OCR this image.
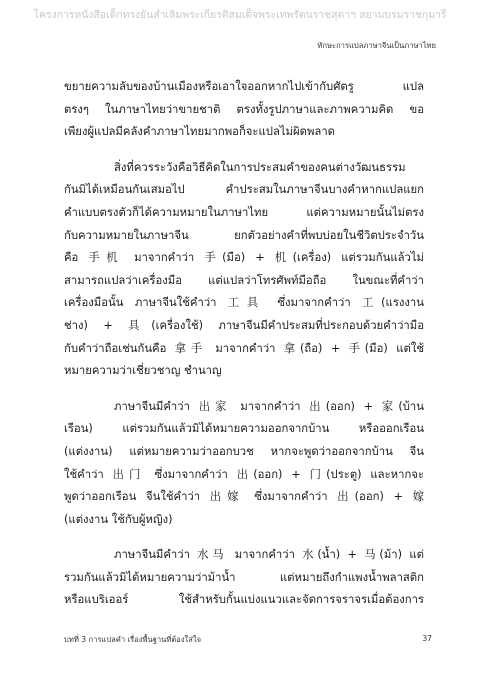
โครงการหนังสือเด็กทรงยันสำเลิมพระเกียรติสมเด็จพระเทพรัตนราชสุดาฯ สยามบรมราชกุมารี
ทักษะการแปลภาษาจีนเป็นภาษาไทย
ขยายความลับของบ้านเมืองหรือเอาใจออกหากไปเข้ากับศัตรู แปล
ตรงๆ ในภาษาไทยว่าขายชาติ ตรงทั้งรูปภาษาและภาพความคิด ขอ
เพียงผู้แปลมีคลังคำภาษาไทยมากพอก็จะแปลไม่ผิดพลาด
สิ่งที่ควรระวังคือวิธีคิดในการประสมคำของคนต่างวัฒนธรรม
กันมิได้เหมือนกันเสมอไป คำประสมในภาษาจีนบางคำหากแปลแยก
คำแบบตรงตัวก็ได้ความหมายในภาษาไทย แต่ความหมายนั้นไม่ตรง
กับความหมายในภาษาจีน ยกตัวอย่างคำที่พบบ่อยในชีวิตประจำวัน
คือ 手机 มาจากคำว่า 手(มือ) + 机(เครื่อง) แต่รวมกันแล้วไม่
สามารถแปลว่าเครื่องมือ แต่แปลว่าโทรศัพท์มือถือ ในขณะที่คำว่า
เครื่องมือนั้น ภาษาจีนใช้คำว่า 工具 ซึ่งมาจากคำว่า 工(แรงงาน
ช่าง) + 具(เครื่องใช้) ภาษาจีนมีคำประสมที่ประกอบด้วยคำว่ามือ
กับคำว่าถือเช่นกันคือ 拿手 มาจากคำว่า 拿(ถือ) + 手(มือ) แต่ใช้
หมายความว่าเชี่ยวชาญ ชำนาญ
ภาษาจีนมีคำว่า 出家 มาจากคำว่า 出(ออก) + 家(บ้าน
เรือน) แต่รวมกันแล้วมิได้หมายความออกจากบ้าน หรือออกเรือน
(แต่งงาน) แต่หมายความว่าออกบวช หากจะพูดว่าออกจากบ้าน จีน
ใช้คำว่า 出门 ซึ่งมาจากคำว่า 出(ออก) + 门(ประตู) และหากจะ
พูดว่าออกเรือน จีนใช้คำว่า 出嫁 ซึ่งมาจากคำว่า 出(ออก) + 嫁
(แต่งงาน ใช้กับผู้หญิง)
ภาษาจีนมีคำว่า 水马 มาจากคำว่า 水(น้ำ) + 马(ม้า) แต่
รวมกันแล้วมิได้หมายความว่าม้าน้ำ แต่หมายถึงกำแพงน้ำพลาสติก
หรือแบริเออร์ ใช้สำหรับกั้นแบ่งแนวและจัดการจราจรเมื่อต้องการ
บทที่ 3 การแปลคำ เรื่องพื้นฐานที่ต้องใส่ใจ	37
